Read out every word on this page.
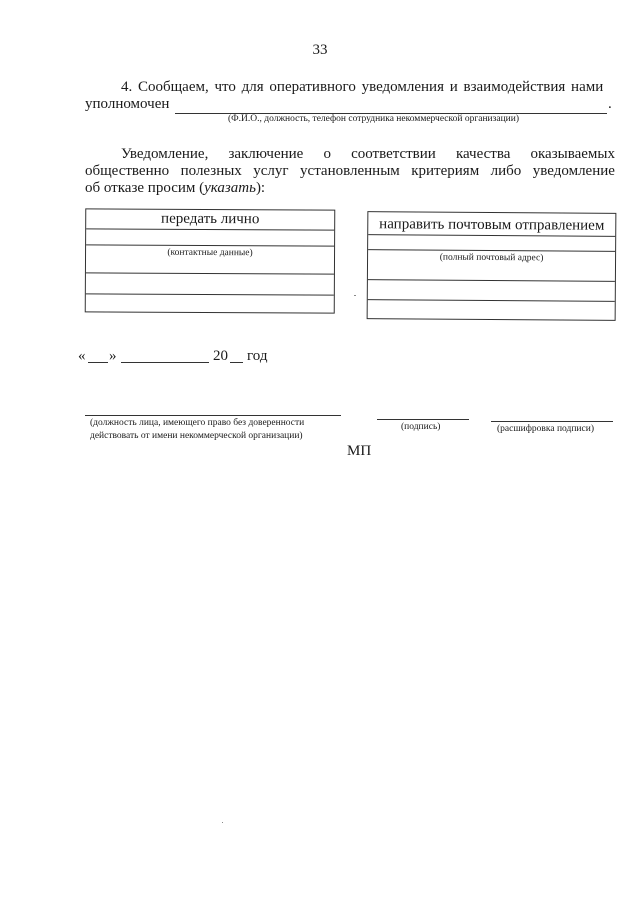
33
4. Сообщаем, что для оперативного уведомления и взаимодействия нами
уполномочен	.
(Ф.И.О., должность, телефон сотрудника некоммерческой организации)
Уведомление, заключение о соответствии качества оказываемых
общественно полезных услуг установленным критериям либо уведомление
об отказе просим (указать):
передать лично
(контактные данные)
направить почтовым отправлением
(полный почтовый адрес)
« »	20 год
(должность лица, имеющего право без доверенности
действовать от имени некоммерческой организации)
(подпись)	(расшифровка подписи)
МП
